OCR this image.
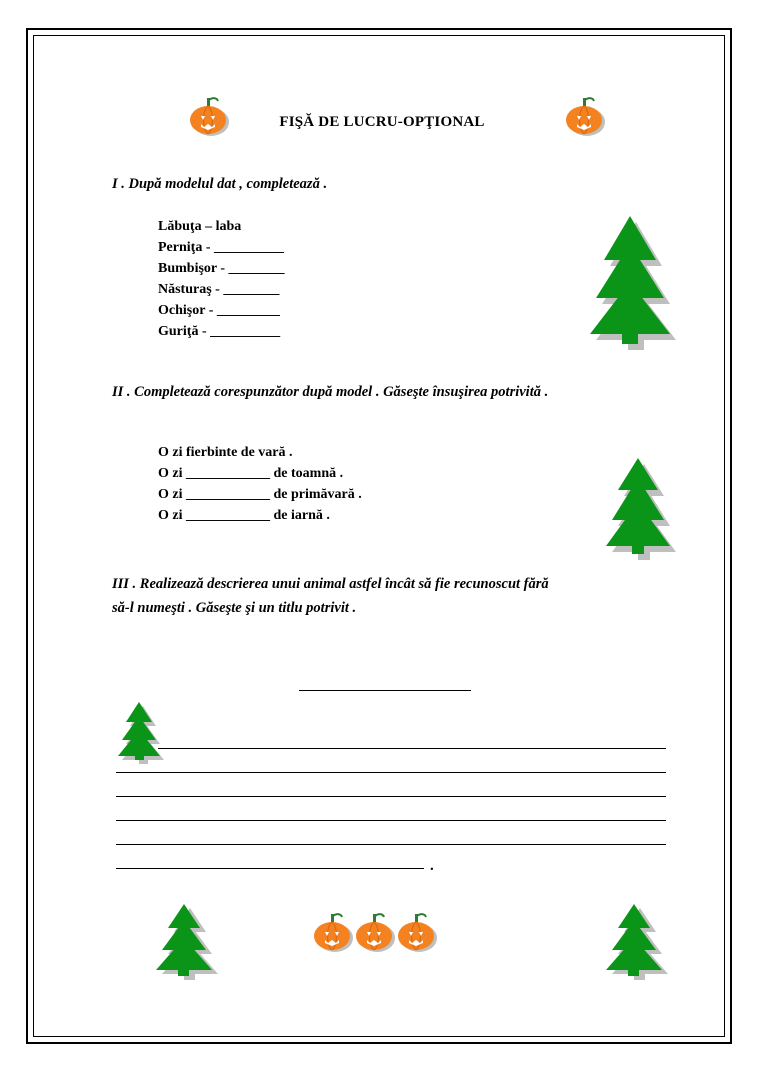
FIŞĂ DE LUCRU-OPŢIONAL
I . După modelul dat , completează .
Lăbuţa – laba
Perniţa - __________
Bumbişor - ________
Năsturaş - ________
Ochişor - _________
Guriţă - __________
II . Completează corespunzător după model . Găseşte însuşirea potrivită .
O zi fierbinte de vară .
O zi ____________ de toamnă .
O zi ____________ de primăvară .
O zi ____________ de iarnă .
III . Realizează descrierea unui animal astfel încât să fie recunoscut fără
să-l numeşti . Găseşte şi un titlu potrivit .
.
